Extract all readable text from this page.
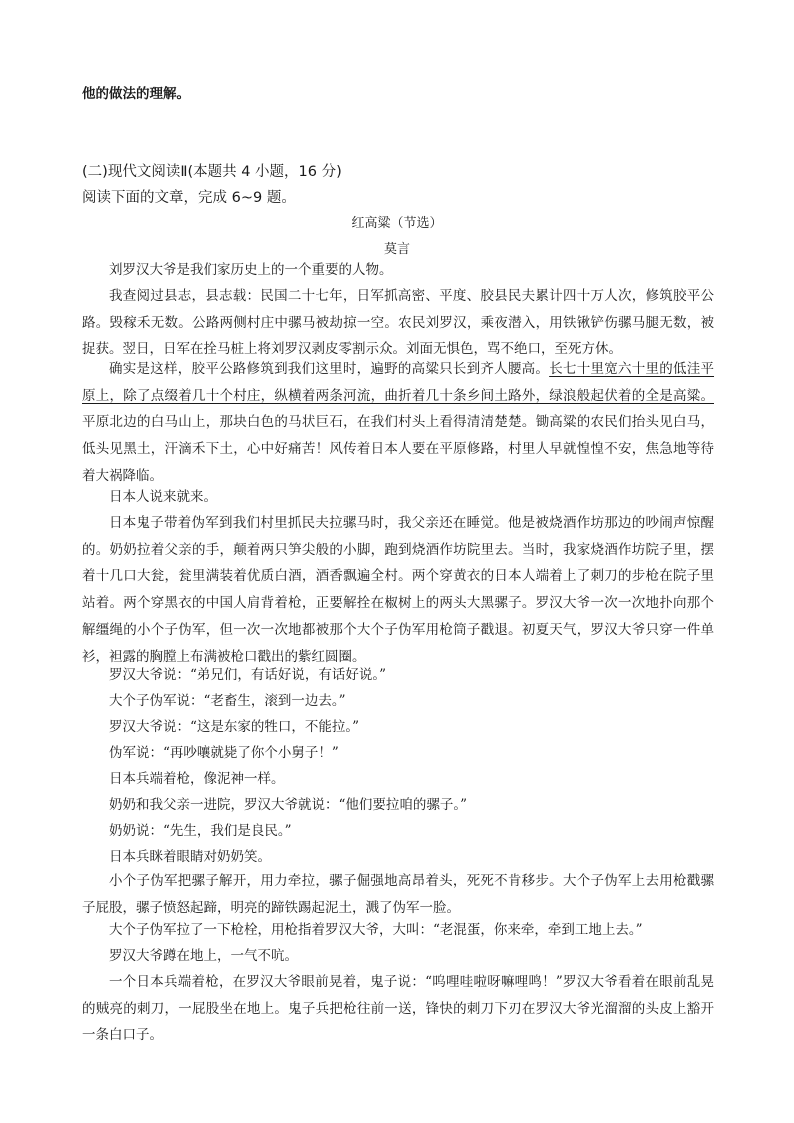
他的做法的理解。
(二)现代文阅读Ⅱ(本题共 4 小题，16 分)
阅读下面的文章，完成 6~9 题。
红高粱（节选）
莫言

刘罗汉大爷是我们家历史上的一个重要的人物。

我查阅过县志，县志载：民国二十七年，日军抓高密、平度、胶县民夫累计四十万人次，修筑胶平公路。毁稼禾无数。公路两侧村庄中骡马被劫掠一空。农民刘罗汉，乘夜潜入，用铁锹铲伤骡马腿无数，被捉获。翌日，日军在拴马桩上将刘罗汉剥皮零割示众。刘面无惧色，骂不绝口，至死方休。

确实是这样，胶平公路修筑到我们这里时，遍野的高粱只长到齐人腰高。长七十里宽六十里的低洼平原上，除了点缀着几十个村庄，纵横着两条河流，曲折着几十条乡间土路外，绿浪般起伏着的全是高粱。平原北边的白马山上，那块白色的马状巨石，在我们村头上看得清清楚楚。锄高粱的农民们抬头见白马，低头见黑土，汗滴禾下土，心中好痛苦！风传着日本人要在平原修路，村里人早就惶惶不安，焦急地等待着大祸降临。

日本人说来就来。

日本鬼子带着伪军到我们村里抓民夫拉骡马时，我父亲还在睡觉。他是被烧酒作坊那边的吵闹声惊醒的。奶奶拉着父亲的手，颠着两只笋尖般的小脚，跑到烧酒作坊院里去。当时，我家烧酒作坊院子里，摆着十几口大瓮，瓮里满装着优质白酒，酒香飘遍全村。两个穿黄衣的日本人端着上了刺刀的步枪在院子里站着。两个穿黑衣的中国人肩背着枪，正要解拴在椒树上的两头大黑骡子。罗汉大爷一次一次地扑向那个解缰绳的小个子伪军，但一次一次地都被那个大个子伪军用枪筒子戳退。初夏天气，罗汉大爷只穿一件单衫，袒露的胸膛上布满被枪口戳出的紫红圆圈。

罗汉大爷说：“弟兄们，有话好说，有话好说。”

大个子伪军说：“老畜生，滚到一边去。”

罗汉大爷说：“这是东家的牲口，不能拉。”

伪军说：“再吵嚷就毙了你个小舅子！”

日本兵端着枪，像泥神一样。

奶奶和我父亲一进院，罗汉大爷就说：“他们要拉咱的骡子。”

奶奶说：“先生，我们是良民。”

日本兵眯着眼睛对奶奶笑。

小个子伪军把骡子解开，用力牵拉，骡子倔强地高昂着头，死死不肯移步。大个子伪军上去用枪戳骡子屁股，骡子愤怒起蹄，明亮的蹄铁踢起泥土，溅了伪军一脸。

大个子伪军拉了一下枪栓，用枪指着罗汉大爷，大叫：“老混蛋，你来牵，牵到工地上去。”

罗汉大爷蹲在地上，一气不吭。

一个日本兵端着枪，在罗汉大爷眼前晃着，鬼子说：“呜哩哇啦呀嘛哩鸣！”罗汉大爷看着在眼前乱晃的贼亮的刺刀，一屁股坐在地上。鬼子兵把枪往前一送，锋快的刺刀下刃在罗汉大爷光溜溜的头皮上豁开一条白口子。
